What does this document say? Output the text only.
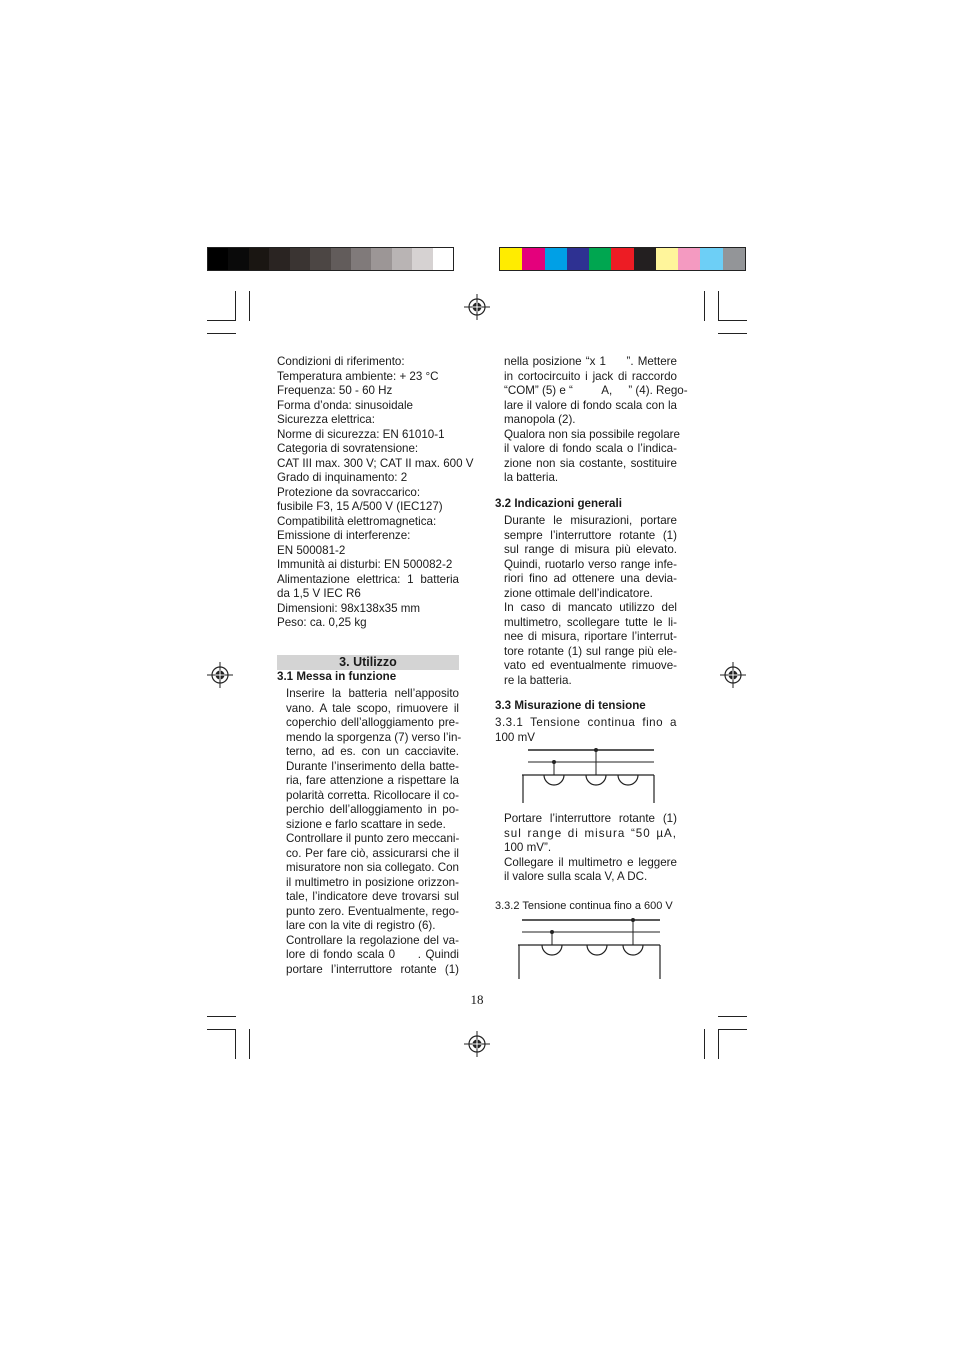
Condizioni di riferimento:
Temperatura ambiente: + 23 °C
Frequenza: 50 - 60 Hz
Forma d’onda: sinusoidale
Sicurezza elettrica:
Norme di sicurezza: EN 61010-1
Categoria di sovratensione:
CAT III max. 300 V; CAT II max. 600 V
Grado di inquinamento: 2
Protezione da sovraccarico:
fusibile F3, 15 A/500 V (IEC127)
Compatibilità elettromagnetica:
Emissione di interferenze:
EN 500081-2
Immunità ai disturbi: EN 500082-2
Alimentazione elettrica: 1 batteria
da 1,5 V IEC R6
Dimensioni: 98x138x35 mm
Peso: ca. 0,25 kg
3. Utilizzo
3.1 Messa in funzione
Inserire la batteria nell’apposito
vano. A tale scopo, rimuovere il
coperchio dell’alloggiamento pre-
mendo la sporgenza (7) verso l’in-
terno, ad es. con un cacciavite.
Durante l’inserimento della batte-
ria, fare attenzione a rispettare la
polarità corretta. Ricollocare il co-
perchio dell’alloggiamento in po-
sizione e farlo scattare in sede.
Controllare il punto zero meccani-
co. Per fare ciò, assicurarsi che il
misuratore non sia collegato. Con
il multimetro in posizione orizzon-
tale, l’indicatore deve trovarsi sul
punto zero. Eventualmente, rego-
lare con la vite di registro (6).
Controllare la regolazione del va-
lore di fondo scala 0     . Quindi
portare l’interruttore rotante (1)
nella posizione “x 1     ”. Mettere
in cortocircuito i jack di raccordo
“COM” (5) e “         A,     ” (4). Rego-
lare il valore di fondo scala con la
manopola (2).
Qualora non sia possibile regolare
il valore di fondo scala o l’indica-
zione non sia costante, sostituire
la batteria.
3.2 Indicazioni generali
Durante le misurazioni, portare
sempre l’interruttore rotante (1)
sul range di misura più elevato.
Quindi, ruotarlo verso range infe-
riori fino ad ottenere una devia-
zione ottimale dell’indicatore.
In caso di mancato utilizzo del
multimetro, scollegare tutte le li-
nee di misura, riportare l’interrut-
tore rotante (1) sul range più ele-
vato ed eventualmente rimuove-
re la batteria.
3.3 Misurazione di tensione
3.3.1 Tensione continua fino a
100 mV
Portare l’interruttore rotante (1)
sul range di misura “50 µA,
100 mV”.
Collegare il multimetro e leggere
il valore sulla scala V, A DC.
3.3.2 Tensione continua fino a 600 V
18
